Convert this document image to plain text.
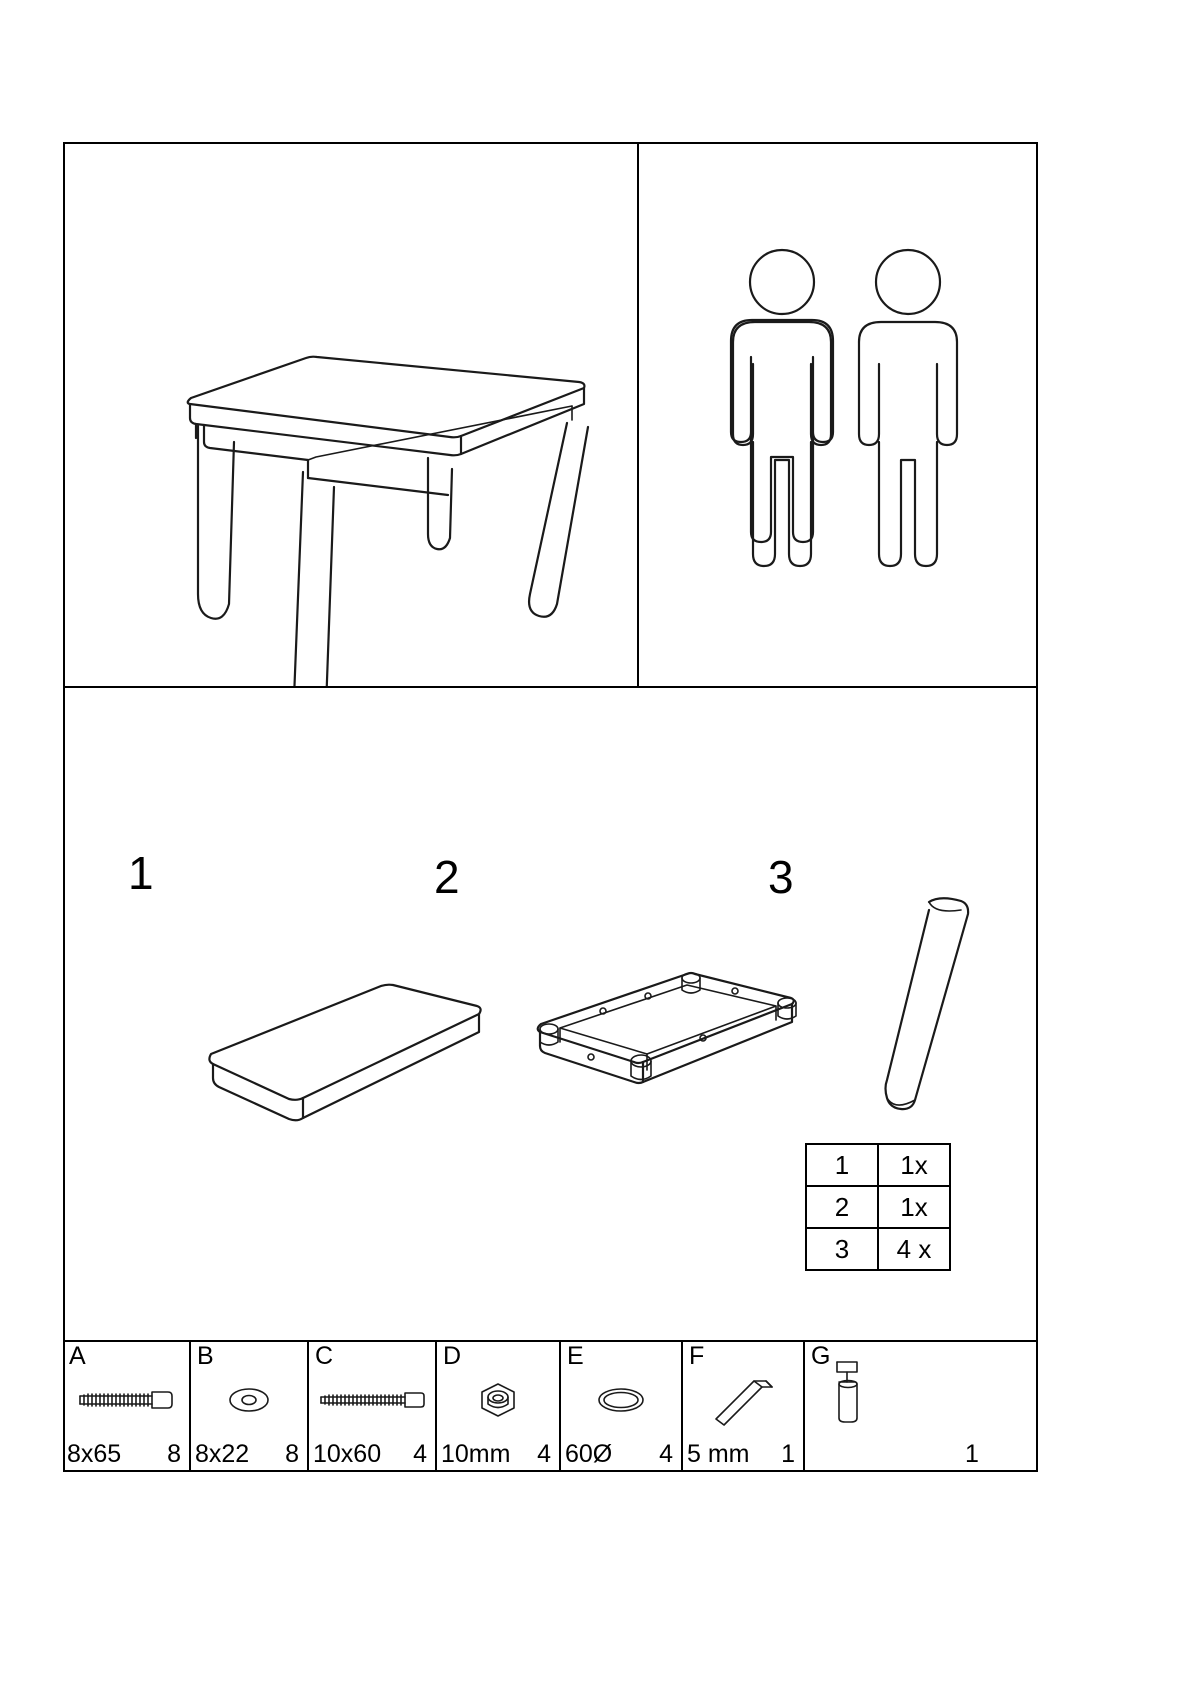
1	2	3
1	1x
2	1x
3	4 x
A
8x65 8
B
8x22 8
C
10x60 4
D
10mm 4
E
60Ø 4
F
5 mm 1
G
1
